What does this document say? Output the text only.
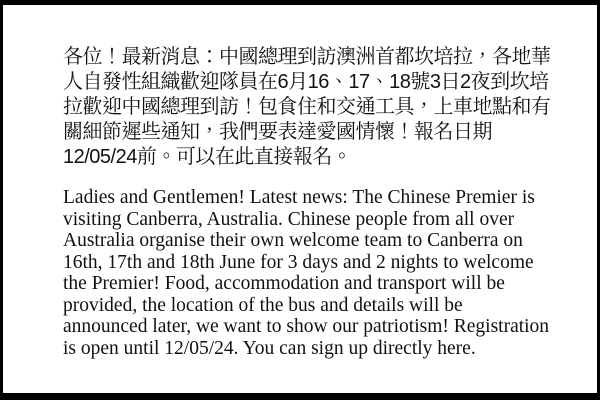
各位！最新消息：中國總理到訪澳洲首都坎培拉，各地華
人自發性組織歡迎隊員在6月16、17、18號3日2夜到坎培
拉歡迎中國總理到訪！包食住和交通工具，上車地點和有
關細節遲些通知，我們要表達愛國情懷！報名日期
12/05/24前。可以在此直接報名。
Ladies and Gentlemen! Latest news: The Chinese Premier is
visiting Canberra, Australia. Chinese people from all over
Australia organise their own welcome team to Canberra on
16th, 17th and 18th June for 3 days and 2 nights to welcome
the Premier! Food, accommodation and transport will be
provided, the location of the bus and details will be
announced later, we want to show our patriotism! Registration
is open until 12/05/24. You can sign up directly here.
